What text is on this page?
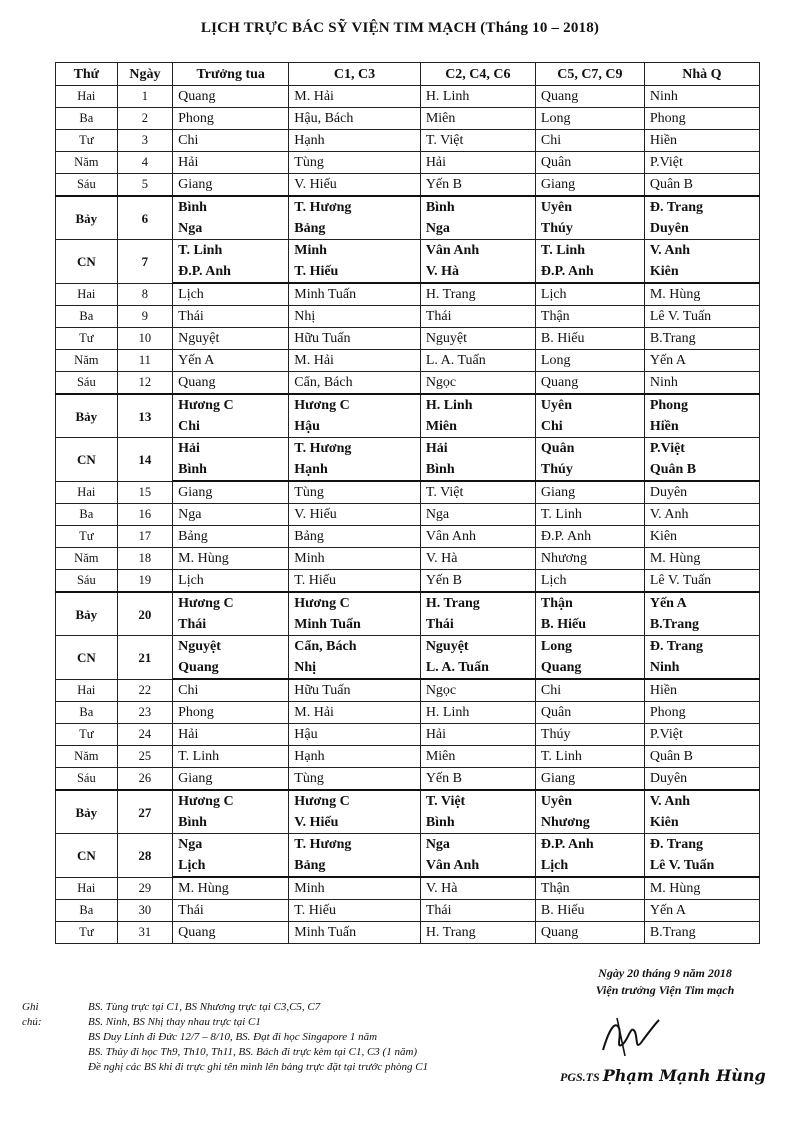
LỊCH TRỰC BÁC SỸ VIỆN TIM MẠCH (Tháng 10 – 2018)
Thứ	Ngày	Trưởng tua	C1, C3	C2, C4, C6	C5, C7, C9	Nhà Q
Hai	1	Quang	M. Hải	H. Linh	Quang	Ninh
Ba	2	Phong	Hậu, Bách	Miên	Long	Phong
Tư	3	Chi	Hạnh	T. Việt	Chi	Hiền
Năm	4	Hải	Tùng	Hải	Quân	P.Việt
Sáu	5	Giang	V. Hiếu	Yến B	Giang	Quân B
Bảy	6	Bình	T. Hương	Bình	Uyên	Đ. Trang
		Nga	Bảng	Nga	Thúy	Duyên
CN	7	T. Linh	Minh	Vân Anh	T. Linh	V. Anh
		Đ.P. Anh	T. Hiếu	V. Hà	Đ.P. Anh	Kiên
Hai	8	Lịch	Minh Tuấn	H. Trang	Lịch	M. Hùng
Ba	9	Thái	Nhị	Thái	Thận	Lê V. Tuấn
Tư	10	Nguyệt	Hữu Tuấn	Nguyệt	B. Hiếu	B.Trang
Năm	11	Yến A	M. Hải	L. A. Tuấn	Long	Yến A
Sáu	12	Quang	Cẩn, Bách	Ngọc	Quang	Ninh
Bảy	13	Hương C	Hương C	H. Linh	Uyên	Phong
		Chi	Hậu	Miên	Chi	Hiền
CN	14	Hải	T. Hương	Hải	Quân	P.Việt
		Bình	Hạnh	Bình	Thúy	Quân B
Hai	15	Giang	Tùng	T. Việt	Giang	Duyên
Ba	16	Nga	V. Hiếu	Nga	T. Linh	V. Anh
Tư	17	Bảng	Bảng	Vân Anh	Đ.P. Anh	Kiên
Năm	18	M. Hùng	Minh	V. Hà	Nhương	M. Hùng
Sáu	19	Lịch	T. Hiếu	Yến B	Lịch	Lê V. Tuấn
Bảy	20	Hương C	Hương C	H. Trang	Thận	Yến A
		Thái	Minh Tuấn	Thái	B. Hiếu	B.Trang
CN	21	Nguyệt	Cẩn, Bách	Nguyệt	Long	Đ. Trang
		Quang	Nhị	L. A. Tuấn	Quang	Ninh
Hai	22	Chi	Hữu Tuấn	Ngọc	Chi	Hiền
Ba	23	Phong	M. Hải	H. Linh	Quân	Phong
Tư	24	Hải	Hậu	Hải	Thúy	P.Việt
Năm	25	T. Linh	Hạnh	Miên	T. Linh	Quân B
Sáu	26	Giang	Tùng	Yến B	Giang	Duyên
Bảy	27	Hương C	Hương C	T. Việt	Uyên	V. Anh
		Bình	V. Hiếu	Bình	Nhương	Kiên
CN	28	Nga	T. Hương	Nga	Đ.P. Anh	Đ. Trang
		Lịch	Bảng	Vân Anh	Lịch	Lê V. Tuấn
Hai	29	M. Hùng	Minh	V. Hà	Thận	M. Hùng
Ba	30	Thái	T. Hiếu	Thái	B. Hiếu	Yến A
Tư	31	Quang	Minh Tuấn	H. Trang	Quang	B.Trang
Ghi chú:
BS. Tùng trực tại C1, BS Nhương trực tại C3,C5, C7
BS. Ninh, BS Nhị thay nhau trực tại C1
BS Duy Linh đi Đức 12/7 – 8/10, BS. Đạt đi học Singapore 1 năm
BS. Thủy đi học Th9, Th10, Th11, BS. Bách đi trực kèm tại C1, C3 (1 năm)
Đề nghị các BS khi đi trực ghi tên mình lên bảng trực đặt tại trước phòng C1
Ngày 20 tháng 9 năm 2018
Viện trưởng Viện Tim mạch
PGS.TS Phạm Mạnh Hùng
